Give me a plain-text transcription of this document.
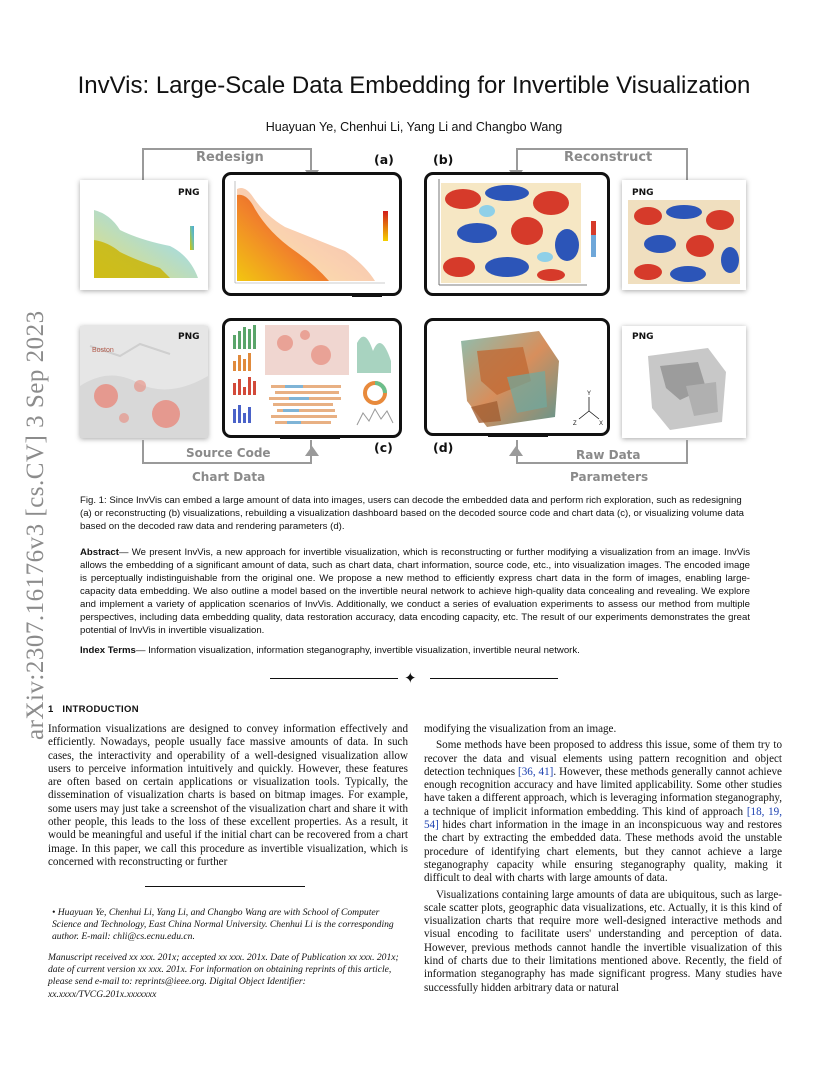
arXiv:2307.16176v3 [cs.CV] 3 Sep 2023
InvVis: Large-Scale Data Embedding for Invertible Visualization
Huayuan Ye, Chenhui Li, Yang Li and Changbo Wang
Redesign	Reconstruct
(a)	(b)
PNG	PNG
PNG
Boston
Y
X
Z
PNG
(c)	(d)
Source Code
Chart Data
Raw Data
Parameters
Fig. 1: Since InvVis can embed a large amount of data into images, users can decode the embedded data and perform rich exploration, such as redesigning (a) or reconstructing (b) visualizations, rebuilding a visualization dashboard based on the decoded source code and chart data (c), or visualizing volume data based on the decoded raw data and rendering parameters (d).
Abstract— We present InvVis, a new approach for invertible visualization, which is reconstructing or further modifying a visualization from an image. InvVis allows the embedding of a significant amount of data, such as chart data, chart information, source code, etc., into visualization images. The encoded image is perceptually indistinguishable from the original one. We propose a new method to efficiently express chart data in the form of images, enabling large-capacity data embedding. We also outline a model based on the invertible neural network to achieve high-quality data concealing and revealing. We explore and implement a variety of application scenarios of InvVis. Additionally, we conduct a series of evaluation experiments to assess our method from multiple perspectives, including data embedding quality, data restoration accuracy, data encoding capacity, etc. The result of our experiments demonstrates the great potential of InvVis in invertible visualization.
Index Terms— Information visualization, information steganography, invertible visualization, invertible neural network.
✦
1 INTRODUCTION

Information visualizations are designed to convey information effectively and efficiently. Nowadays, people usually face massive amounts of data. In such cases, the interactivity and operability of a well-designed visualization allow users to perceive information intuitively and quickly. However, these features are often based on certain applications or visualization tools. Typically, the dissemination of visualization charts is based on bitmap images. For example, some users may just take a screenshot of the visualization chart and share it with other people, this leads to the loss of these excellent properties. As a result, it would be meaningful and useful if the initial chart can be recovered from a chart image. In this paper, we call this procedure as invertible visualization, which is concerned with reconstructing or further

• Huayuan Ye, Chenhui Li, Yang Li, and Changbo Wang are with School of Computer Science and Technology, East China Normal University. Chenhui Li is the corresponding author. E-mail: chli@cs.ecnu.edu.cn.
Manuscript received xx xxx. 201x; accepted xx xxx. 201x. Date of Publication xx xxx. 201x; date of current version xx xxx. 201x. For information on obtaining reprints of this article, please send e-mail to: reprints@ieee.org. Digital Object Identifier: xx.xxxx/TVCG.201x.xxxxxxx

modifying the visualization from an image.

Some methods have been proposed to address this issue, some of them try to recover the data and visual elements using pattern recognition and object detection techniques [36, 41]. However, these methods generally cannot achieve enough recognition accuracy and have limited applicability. Some other studies have taken a different approach, which is leveraging information steganography, a technique of implicit information embedding. This kind of approach [18, 19, 54] hides chart information in the image in an inconspicuous way and restores the chart by extracting the embedded data. These methods avoid the unstable procedure of identifying chart elements, but they cannot achieve a large steganography capacity while ensuring steganography quality, making it difficult to deal with charts with large amounts of data.

Visualizations containing large amounts of data are ubiquitous, such as large-scale scatter plots, geographic data visualizations, etc. Actually, it is this kind of visualization charts that require more well-designed interactive methods and visual encoding to facilitate users' understanding and perception of data. However, previous methods cannot handle the invertible visualization of this kind of charts due to their limitations mentioned above. Recently, the field of information steganography has made significant progress. Many studies have successfully hidden arbitrary data or natural
